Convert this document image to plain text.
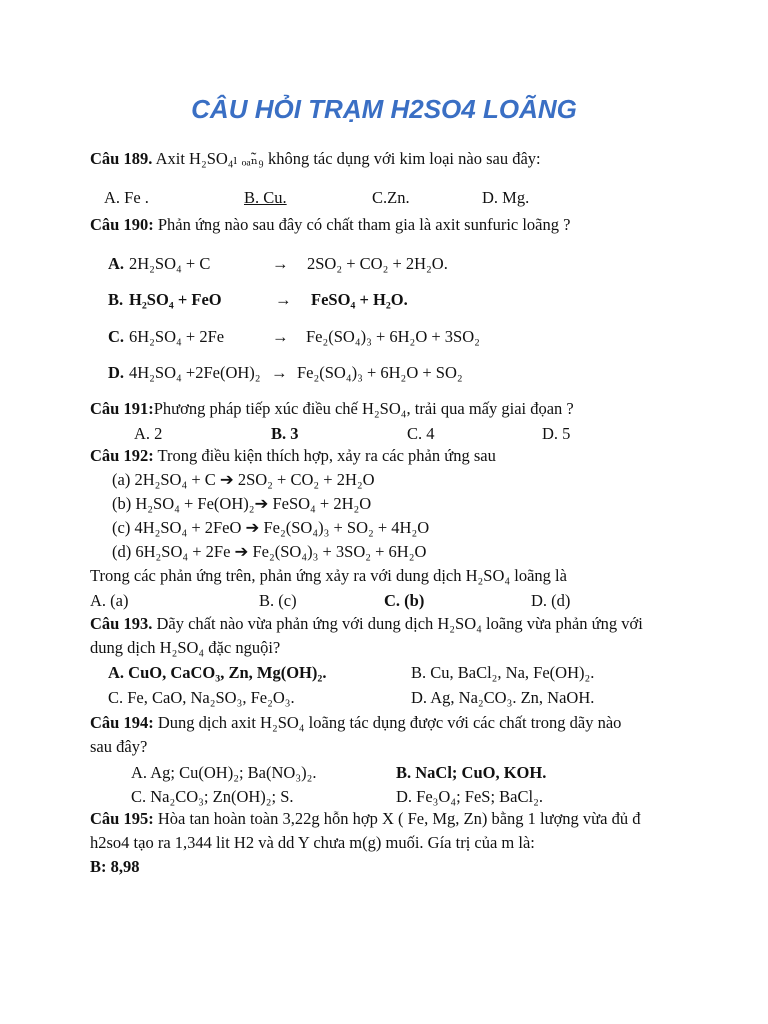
CÂU HỎI TRẠM H2SO4 LOÃNG
Câu 189. Axit H₂SO₄ₗ ₒₐ̃ₙ₉ không tác dụng với kim loại nào sau đây:
A. Fe .	B. Cu.	C.Zn.	D. Mg.
Câu 190: Phản ứng nào sau đây có chất tham gia là axit sunfuric loãng ?
A. 2H₂SO₄ + C	→ 2SO₂ + CO₂ + 2H₂O.
B. H₂SO₄ + FeO	→ FeSO₄ + H₂O.
C. 6H₂SO₄ + 2Fe	→ Fe₂(SO₄)₃ + 6H₂O + 3SO₂
D. 4H₂SO₄ +2Fe(OH)₂ → Fe₂(SO₄)₃ + 6H₂O + SO₂
Câu 191:Phương pháp tiếp xúc điều chế H₂SO₄, trải qua mấy giai đọan ?
A. 2	B. 3	C. 4	D. 5
Câu 192: Trong điều kiện thích hợp, xảy ra các phản ứng sau
(a) 2H₂SO₄ + C ➔ 2SO₂ + CO₂ + 2H₂O
(b) H₂SO₄ + Fe(OH)₂➔ FeSO₄ + 2H₂O
(c) 4H₂SO₄ + 2FeO ➔ Fe₂(SO₄)₃ + SO₂ + 4H₂O
(d) 6H₂SO₄ + 2Fe ➔ Fe₂(SO₄)₃ + 3SO₂ + 6H₂O
Trong các phản ứng trên, phản ứng xảy ra với dung dịch H₂SO₄ loãng là
A. (a)	B. (c)	C. (b)	D. (d)
Câu 193. Dãy chất nào vừa phản ứng với dung dịch H₂SO₄ loãng vừa phản ứng với
dung dịch H₂SO₄ đặc nguội?
A. CuO, CaCO₃, Zn, Mg(OH)₂.	B. Cu, BaCl₂, Na, Fe(OH)₂.
C. Fe, CaO, Na₂SO₃, Fe₂O₃.	D. Ag, Na₂CO₃. Zn, NaOH.
Câu 194: Dung dịch axit H₂SO₄ loãng tác dụng được với các chất trong dãy nào
sau đây?
A. Ag; Cu(OH)₂; Ba(NO₃)₂.	B. NaCl; CuO, KOH.
C. Na₂CO₃; Zn(OH)₂; S.	D. Fe₃O₄; FeS; BaCl₂.
Câu 195: Hòa tan hoàn toàn 3,22g hỗn hợp X ( Fe, Mg, Zn) bằng 1 lượng vừa đủ đ
h2so4 tạo ra 1,344 lit H2 và dd Y chưa m(g) muối. Gía trị của m là:
B: 8,98
